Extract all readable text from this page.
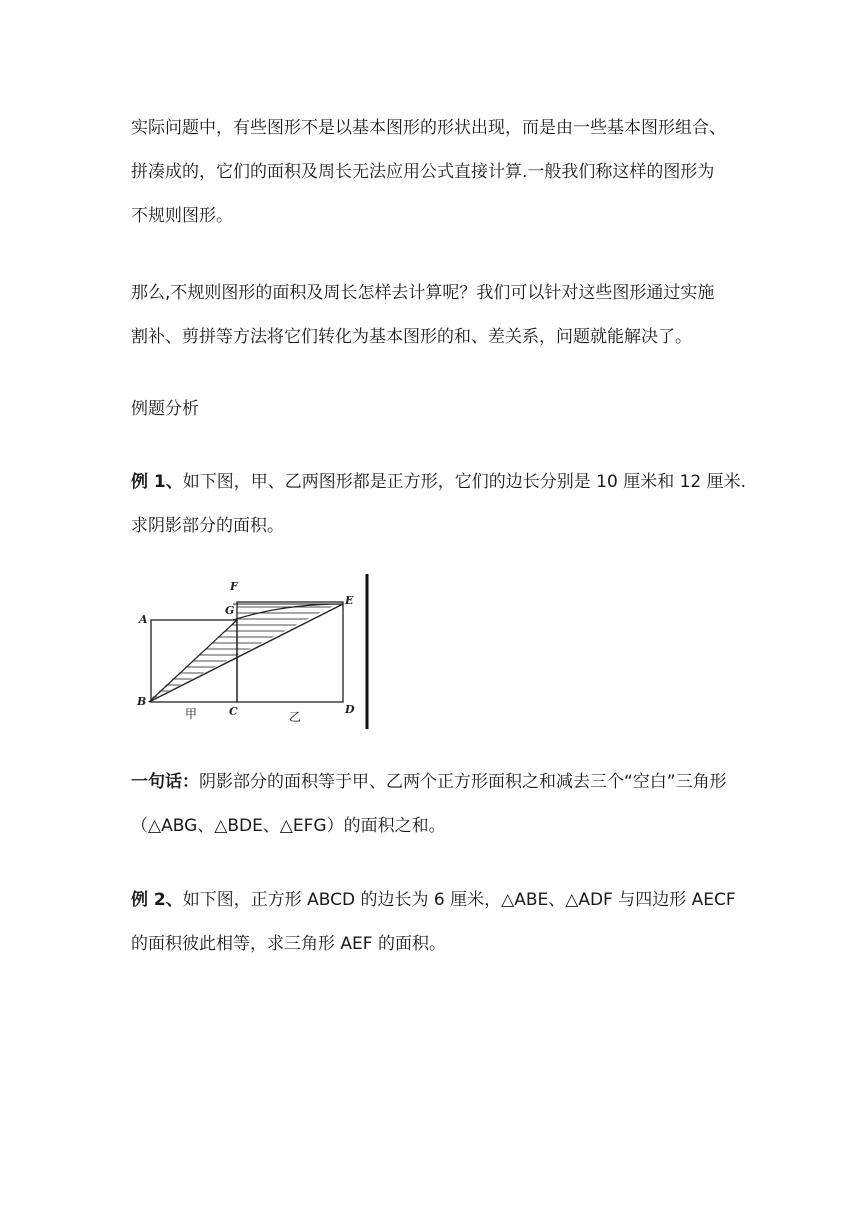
实际问题中，有些图形不是以基本图形的形状出现，而是由一些基本图形组合、
拼凑成的，它们的面积及周长无法应用公式直接计算.一般我们称这样的图形为
不规则图形。
那么,不规则图形的面积及周长怎样去计算呢？我们可以针对这些图形通过实施
割补、剪拼等方法将它们转化为基本图形的和、差关系，问题就能解决了。
例题分析
例 1、如下图，甲、乙两图形都是正方形，它们的边长分别是 10 厘米和 12 厘米.
求阴影部分的面积。
A
B
C	D
E
F
G
甲	乙
一句话：阴影部分的面积等于甲、乙两个正方形面积之和减去三个“空白”三角形
（△ABG、△BDE、△EFG）的面积之和。
例 2、如下图，正方形 ABCD 的边长为 6 厘米，△ABE、△ADF 与四边形 AECF
的面积彼此相等，求三角形 AEF 的面积。
